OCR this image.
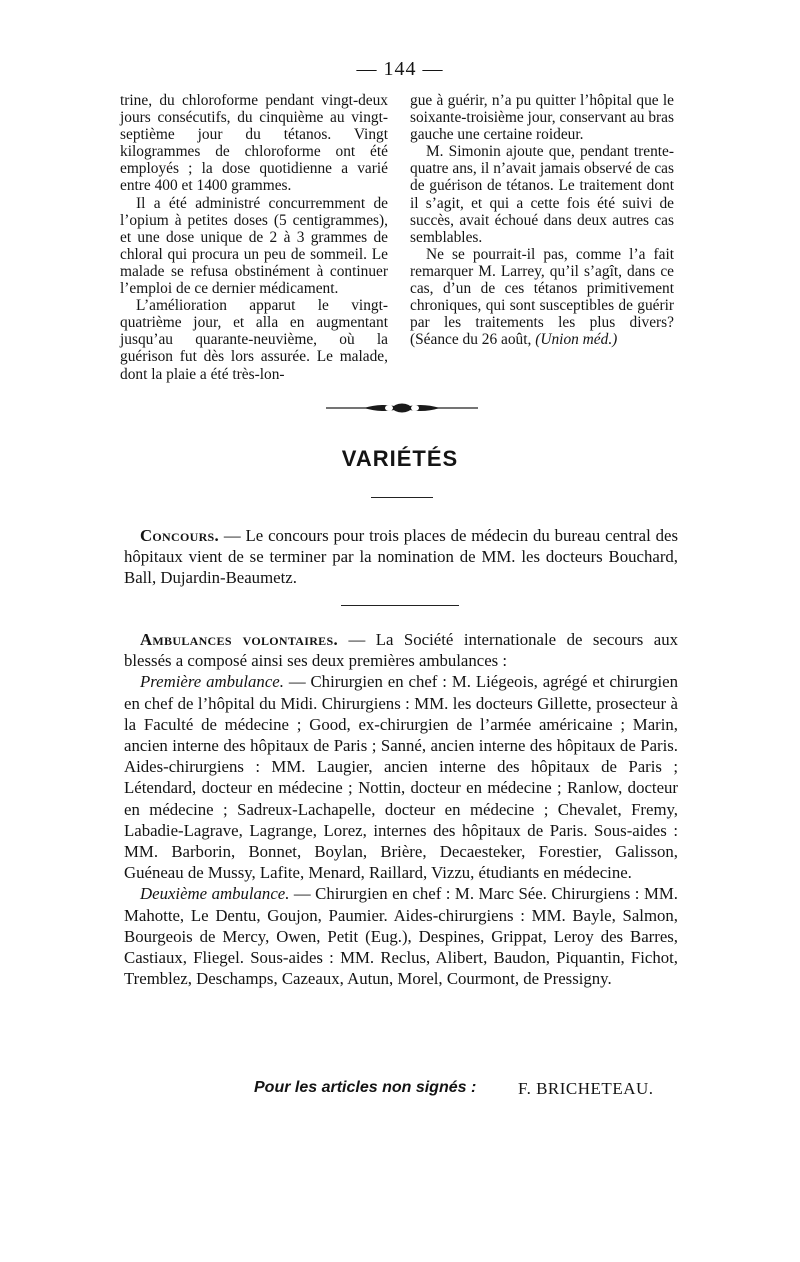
— 144 —

trine, du chloroforme pendant vingt-deux jours consécutifs, du cinquième au vingt-septième jour du tétanos. Vingt kilogrammes de chloroforme ont été employés ; la dose quotidienne a varié entre 400 et 1400 grammes.

Il a été administré concurremment de l’opium à petites doses (5 centigrammes), et une dose unique de 2 à 3 grammes de chloral qui procura un peu de sommeil. Le malade se refusa obstinément à continuer l’emploi de ce dernier médicament.

L’amélioration apparut le vingt-quatrième jour, et alla en augmentant jusqu’au quarante-neuvième, où la guérison fut dès lors assurée. Le malade, dont la plaie a été très-lon-

gue à guérir, n’a pu quitter l’hôpital que le soixante-troisième jour, conservant au bras gauche une certaine roideur.

M. Simonin ajoute que, pendant trente-quatre ans, il n’avait jamais observé de cas de guérison de tétanos. Le traitement dont il s’agit, et qui a cette fois été suivi de succès, avait échoué dans deux autres cas semblables.

Ne se pourrait-il pas, comme l’a fait remarquer M. Larrey, qu’il s’agît, dans ce cas, d’un de ces tétanos primitivement chroniques, qui sont susceptibles de guérir par les traitements les plus divers? (Séance du 26 août, (Union méd.)

VARIÉTÉS

Concours. — Le concours pour trois places de médecin du bureau central des hôpitaux vient de se terminer par la nomination de MM. les docteurs Bouchard, Ball, Dujardin-Beaumetz.

Ambulances volontaires. — La Société internationale de secours aux blessés a composé ainsi ses deux premières ambulances :

Première ambulance. — Chirurgien en chef : M. Liégeois, agrégé et chirurgien en chef de l’hôpital du Midi. Chirurgiens : MM. les docteurs Gillette, prosecteur à la Faculté de médecine ; Good, ex-chirurgien de l’armée américaine ; Marin, ancien interne des hôpitaux de Paris ; Sanné, ancien interne des hôpitaux de Paris. Aides-chirurgiens : MM. Laugier, ancien interne des hôpitaux de Paris ; Létendard, docteur en médecine ; Nottin, docteur en médecine ; Ranlow, docteur en médecine ; Sadreux-Lachapelle, docteur en médecine ; Chevalet, Fremy, Labadie-Lagrave, Lagrange, Lorez, internes des hôpitaux de Paris. Sous-aides : MM. Barborin, Bonnet, Boylan, Brière, Decaesteker, Forestier, Galisson, Guéneau de Mussy, Lafite, Menard, Raillard, Vizzu, étudiants en médecine.

Deuxième ambulance. — Chirurgien en chef : M. Marc Sée. Chirurgiens : MM. Mahotte, Le Dentu, Goujon, Paumier. Aides-chirurgiens : MM. Bayle, Salmon, Bourgeois de Mercy, Owen, Petit (Eug.), Despines, Grippat, Leroy des Barres, Castiaux, Fliegel. Sous-aides : MM. Reclus, Alibert, Baudon, Piquantin, Fichot, Tremblez, Deschamps, Cazeaux, Autun, Morel, Courmont, de Pressigny.

Pour les articles non signés : F. BRICHETEAU.
